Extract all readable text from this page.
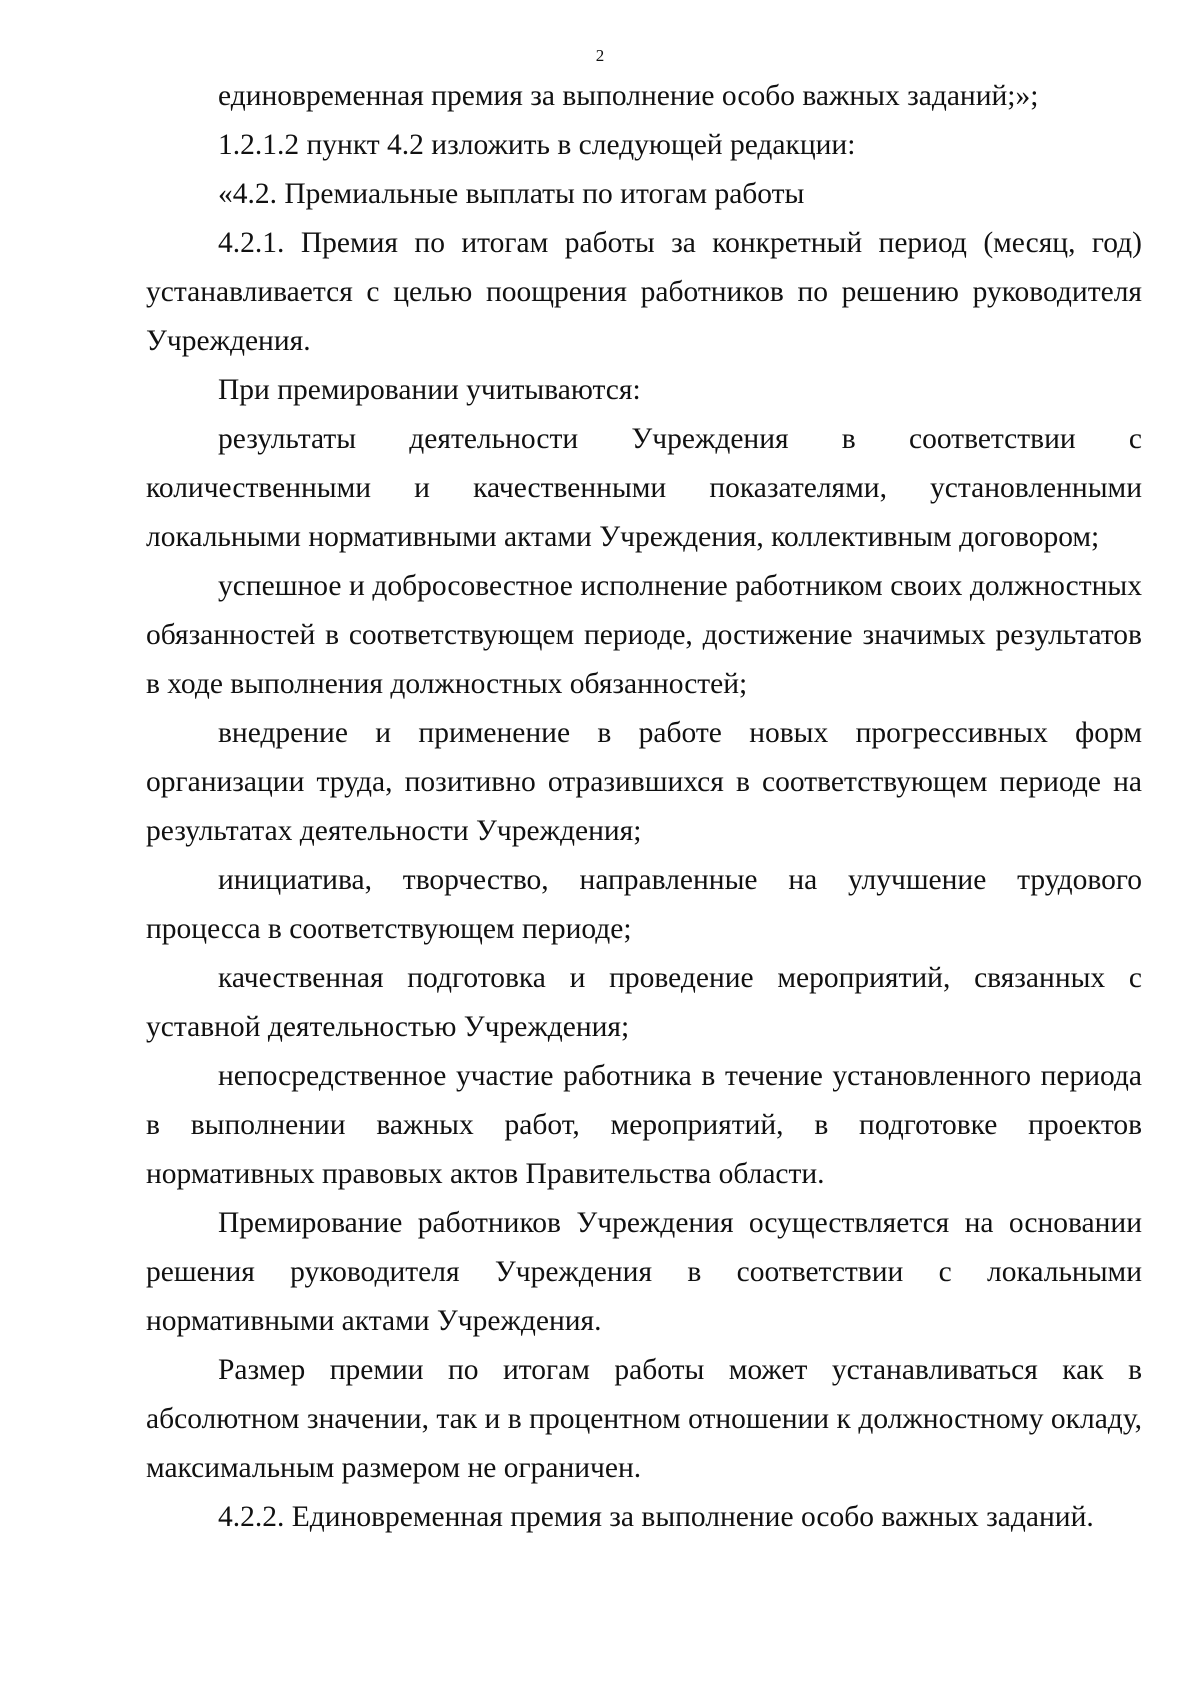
2

единовременная премия за выполнение особо важных заданий;»;

1.2.1.2 пункт 4.2 изложить в следующей редакции:

«4.2. Премиальные выплаты по итогам работы

4.2.1. Премия по итогам работы за конкретный период (месяц, год) устанавливается с целью поощрения работников по решению руководителя Учреждения.

При премировании учитываются:

результаты деятельности Учреждения в соответствии с количественными и качественными показателями, установленными локальными нормативными актами Учреждения, коллективным договором;

успешное и добросовестное исполнение работником своих должностных обязанностей в соответствующем периоде, достижение значимых результатов в ходе выполнения должностных обязанностей;

внедрение и применение в работе новых прогрессивных форм организации труда, позитивно отразившихся в соответствующем периоде на результатах деятельности Учреждения;

инициатива, творчество, направленные на улучшение трудового процесса в соответствующем периоде;

качественная подготовка и проведение мероприятий, связанных с уставной деятельностью Учреждения;

непосредственное участие работника в течение установленного периода в выполнении важных работ, мероприятий, в подготовке проектов нормативных правовых актов Правительства области.

Премирование работников Учреждения осуществляется на основании решения руководителя Учреждения в соответствии с локальными нормативными актами Учреждения.

Размер премии по итогам работы может устанавливаться как в абсолютном значении, так и в процентном отношении к должностному окладу, максимальным размером не ограничен.

4.2.2. Единовременная премия за выполнение особо важных заданий.
